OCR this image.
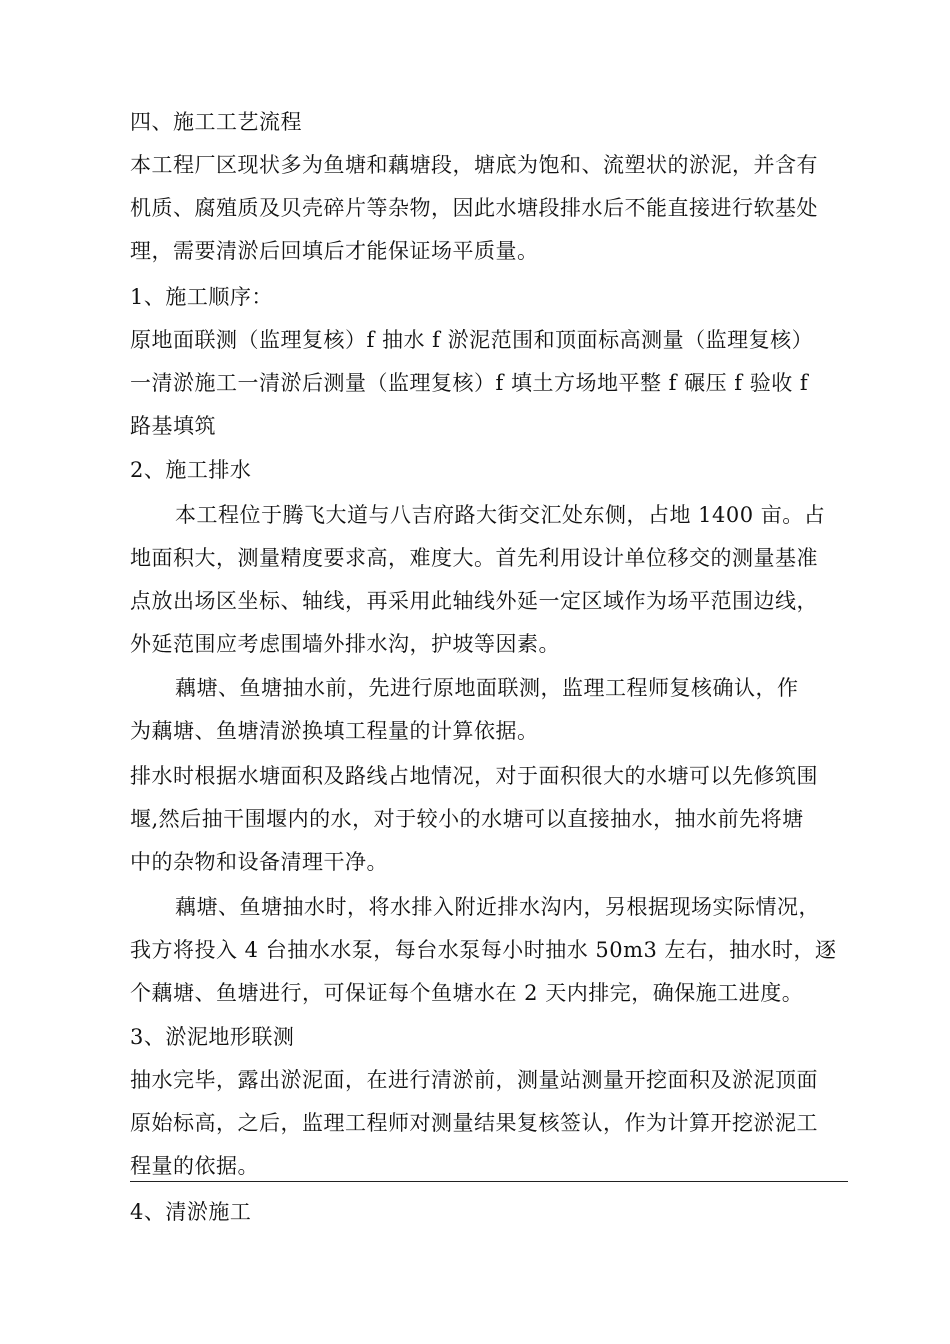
四、施工工艺流程
本工程厂区现状多为鱼塘和藕塘段，塘底为饱和、流塑状的淤泥，并含有
机质、腐殖质及贝壳碎片等杂物，因此水塘段排水后不能直接进行软基处
理，需要清淤后回填后才能保证场平质量。
1、施工顺序：
原地面联测（监理复核）f 抽水 f 淤泥范围和顶面标高测量（监理复核）
一清淤施工一清淤后测量（监理复核）f 填土方场地平整 f 碾压 f 验收 f
路基填筑
2、施工排水
本工程位于腾飞大道与八吉府路大街交汇处东侧，占地 1400 亩。占
地面积大，测量精度要求高，难度大。首先利用设计单位移交的测量基准
点放出场区坐标、轴线，再采用此轴线外延一定区域作为场平范围边线，
外延范围应考虑围墙外排水沟，护坡等因素。
藕塘、鱼塘抽水前，先进行原地面联测，监理工程师复核确认，作
为藕塘、鱼塘清淤换填工程量的计算依据。
排水时根据水塘面积及路线占地情况，对于面积很大的水塘可以先修筑围
堰,然后抽干围堰内的水，对于较小的水塘可以直接抽水，抽水前先将塘
中的杂物和设备清理干净。
藕塘、鱼塘抽水时，将水排入附近排水沟内，另根据现场实际情况，
我方将投入 4 台抽水水泵，每台水泵每小时抽水 50m3 左右，抽水时，逐
个藕塘、鱼塘进行，可保证每个鱼塘水在 2 天内排完，确保施工进度。
3、淤泥地形联测
抽水完毕，露出淤泥面，在进行清淤前，测量站测量开挖面积及淤泥顶面
原始标高，之后，监理工程师对测量结果复核签认，作为计算开挖淤泥工
程量的依据。
4、清淤施工
